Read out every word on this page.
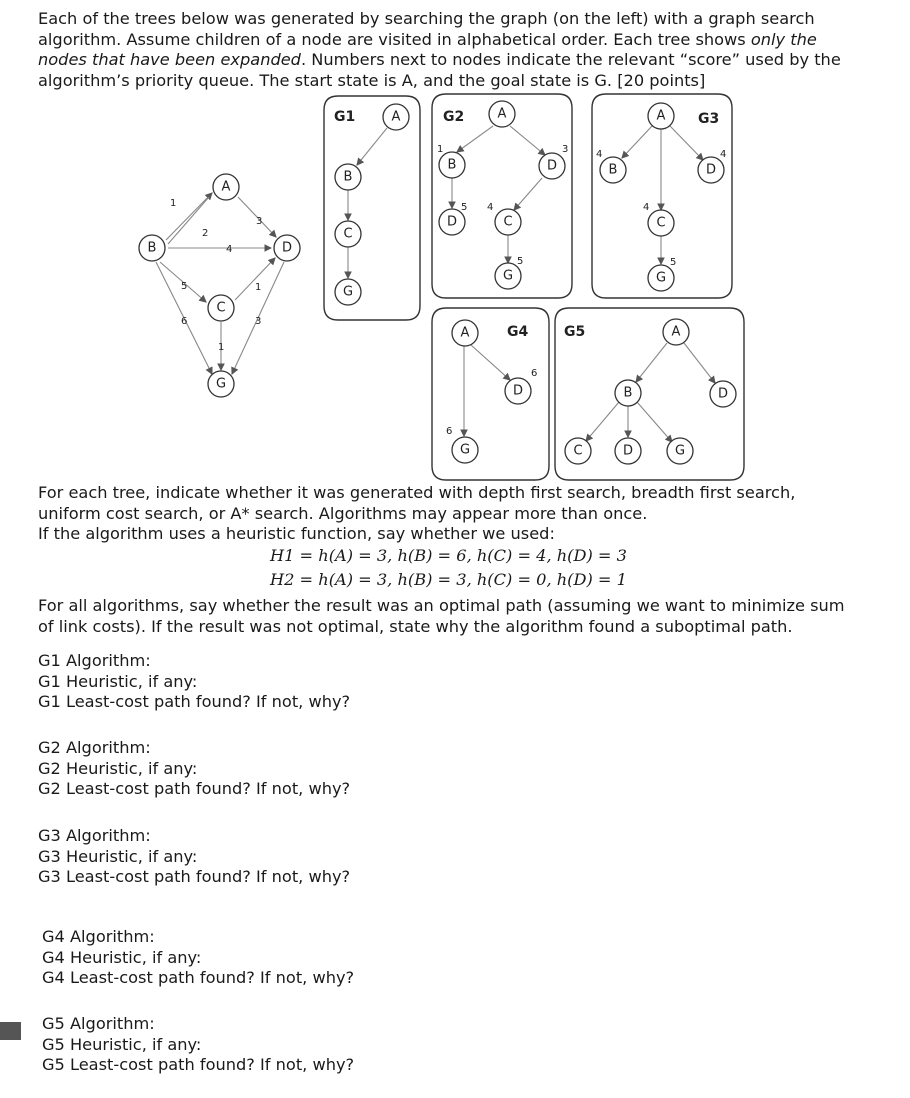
Each of the trees below was generated by searching the graph (on the left) with a graph search algorithm. Assume children of a node are visited in alphabetical order. Each tree shows only the nodes that have been expanded. Numbers next to nodes indicate the relevant “score” used by the algorithm’s priority queue. The start state is A, and the goal state is G. [20 points]

1
2
3
4
5
6
1
1
3
A
B
C
D
G
G1	A
B
C
G
G2
1
5
3
4
5
A
B
D
D
C
G
G3
4	4
4
5
A
B	D
C
G
G4
6
6
A
D
G
G5	A
B	D
C	D	G

For each tree, indicate whether it was generated with depth first search, breadth first search, uniform cost search, or A* search. Algorithms may appear more than once.
If the algorithm uses a heuristic function, say whether we used:

H1 = h(A) = 3, h(B) = 6, h(C) = 4, h(D) = 3
H2 = h(A) = 3, h(B) = 3, h(C) = 0, h(D) = 1

For all algorithms, say whether the result was an optimal path (assuming we want to minimize sum of link costs). If the result was not optimal, state why the algorithm found a suboptimal path.

G1 Algorithm:
G1 Heuristic, if any:
G1 Least-cost path found? If not, why?
G2 Algorithm:
G2 Heuristic, if any:
G2 Least-cost path found? If not, why?
G3 Algorithm:
G3 Heuristic, if any:
G3 Least-cost path found? If not, why?
G4 Algorithm:
G4 Heuristic, if any:
G4 Least-cost path found? If not, why?
G5 Algorithm:
G5 Heuristic, if any:
G5 Least-cost path found? If not, why?
